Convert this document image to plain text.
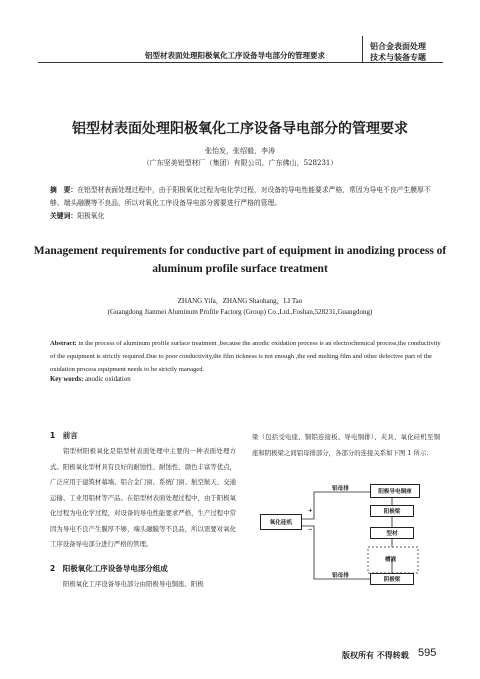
铝型材表面处理阳极氧化工序设备导电部分的管理要求
铝合金表面处理
技术与装备专题
铝型材表面处理阳极氧化工序设备导电部分的管理要求
张怡发，张绍毅，李涛
（广东坚美铝型材厂（集团）有限公司，广东佛山，528231）
摘　要：在铝型材表面处理过程中，由于阳极氧化过程为电化学过程，对设备的导电性能要求严格，常因为导电不良产生膜厚不够、端头融膜等不良品，所以对氧化工序设备导电部分需要进行严格的管理。
关键词：阳极氧化
Management requirements for conductive part of equipment in anodizing process of
aluminum profile surface treatment
ZHANG Yifa，ZHANG Shaohang，LI Tao
(Guangdong Jianmei Aluminum Profile Factorg (Group) Co.,Ltd.,Foshan,528231,Guangdong)
Abstract: in the process of aluminum profile surface treatment ,because the anodic oxidation process is an electrochemical process,the conductivity of the equipment is strictly required.Due to poor conductivity,the film tickness is not enough ,the end melting film and other defective part of the oxidation process equipment needs to be strictly managed.
Key words: anodic oxidation
1　前言
铝型材阳极氧化是铝型材表面处理中主要的一种表面处理方式。阳极氧化型材具有良好的耐蚀性、耐蚀性、颜色丰富等优点，广泛应用于建筑材幕墙、铝合金门窗、系统门窗、航空航天、交通运输、工业用铝材等产品。在铝型材表面处理过程中，由于阳极氧化过程为电化学过程，对设备的导电性能要求严格，生产过程中常因为导电不良产生膜厚不够、端头融膜等不良品，所以需要对氧化工序设备导电部分进行严格的管理。
2　阳极氧化工序设备导电部分组成
阳极氧化工序设备导电部分由阳极导电铜座、阳极
梁（包括受电座、铜铝连接板、导电铜排）、夹具、氧化硅机至铜座和阴极梁之间铝母排部分，各部分的连接关系如下图 1 所示：
氧化硅机
+
−
铝母排
铝母排
阳极导电铜座
阳极梁
型材
槽液
阴极梁
版权所有 不得转载 595
